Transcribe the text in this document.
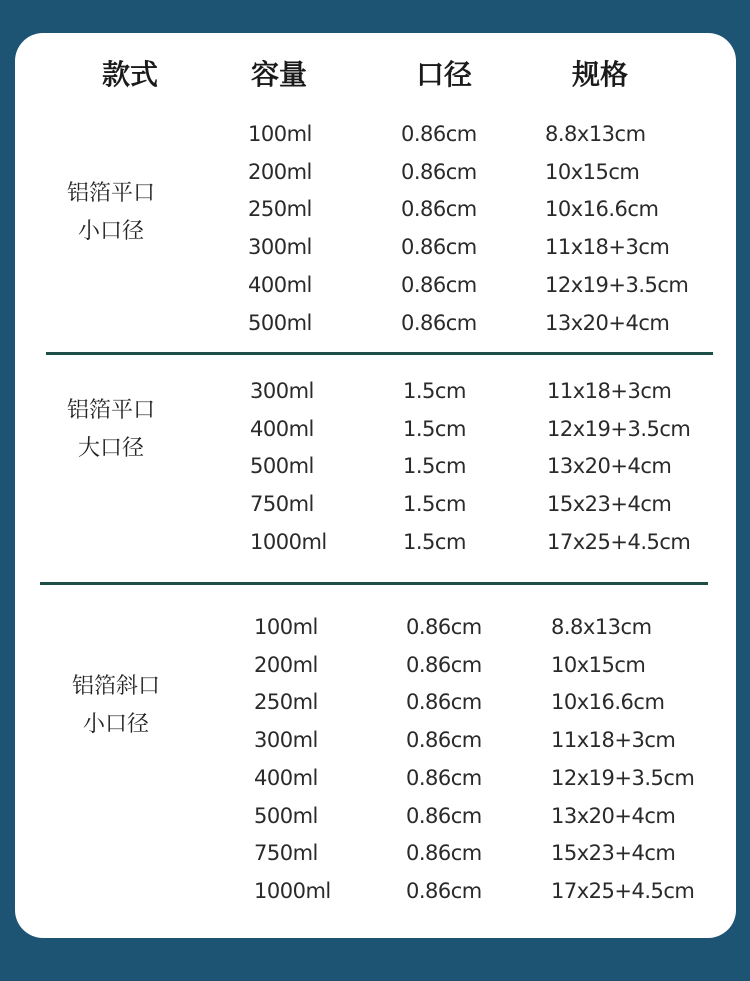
款式	容量	口径	规格
铝箔平口
小口径
100ml	0.86cm	8.8x13cm
200ml	0.86cm	10x15cm
250ml	0.86cm	10x16.6cm
300ml	0.86cm	11x18+3cm
400ml	0.86cm	12x19+3.5cm
500ml	0.86cm	13x20+4cm
铝箔平口
大口径
300ml	1.5cm	11x18+3cm
400ml	1.5cm	12x19+3.5cm
500ml	1.5cm	13x20+4cm
750ml	1.5cm	15x23+4cm
1000ml	1.5cm	17x25+4.5cm
铝箔斜口
小口径
100ml	0.86cm	8.8x13cm
200ml	0.86cm	10x15cm
250ml	0.86cm	10x16.6cm
300ml	0.86cm	11x18+3cm
400ml	0.86cm	12x19+3.5cm
500ml	0.86cm	13x20+4cm
750ml	0.86cm	15x23+4cm
1000ml	0.86cm	17x25+4.5cm
